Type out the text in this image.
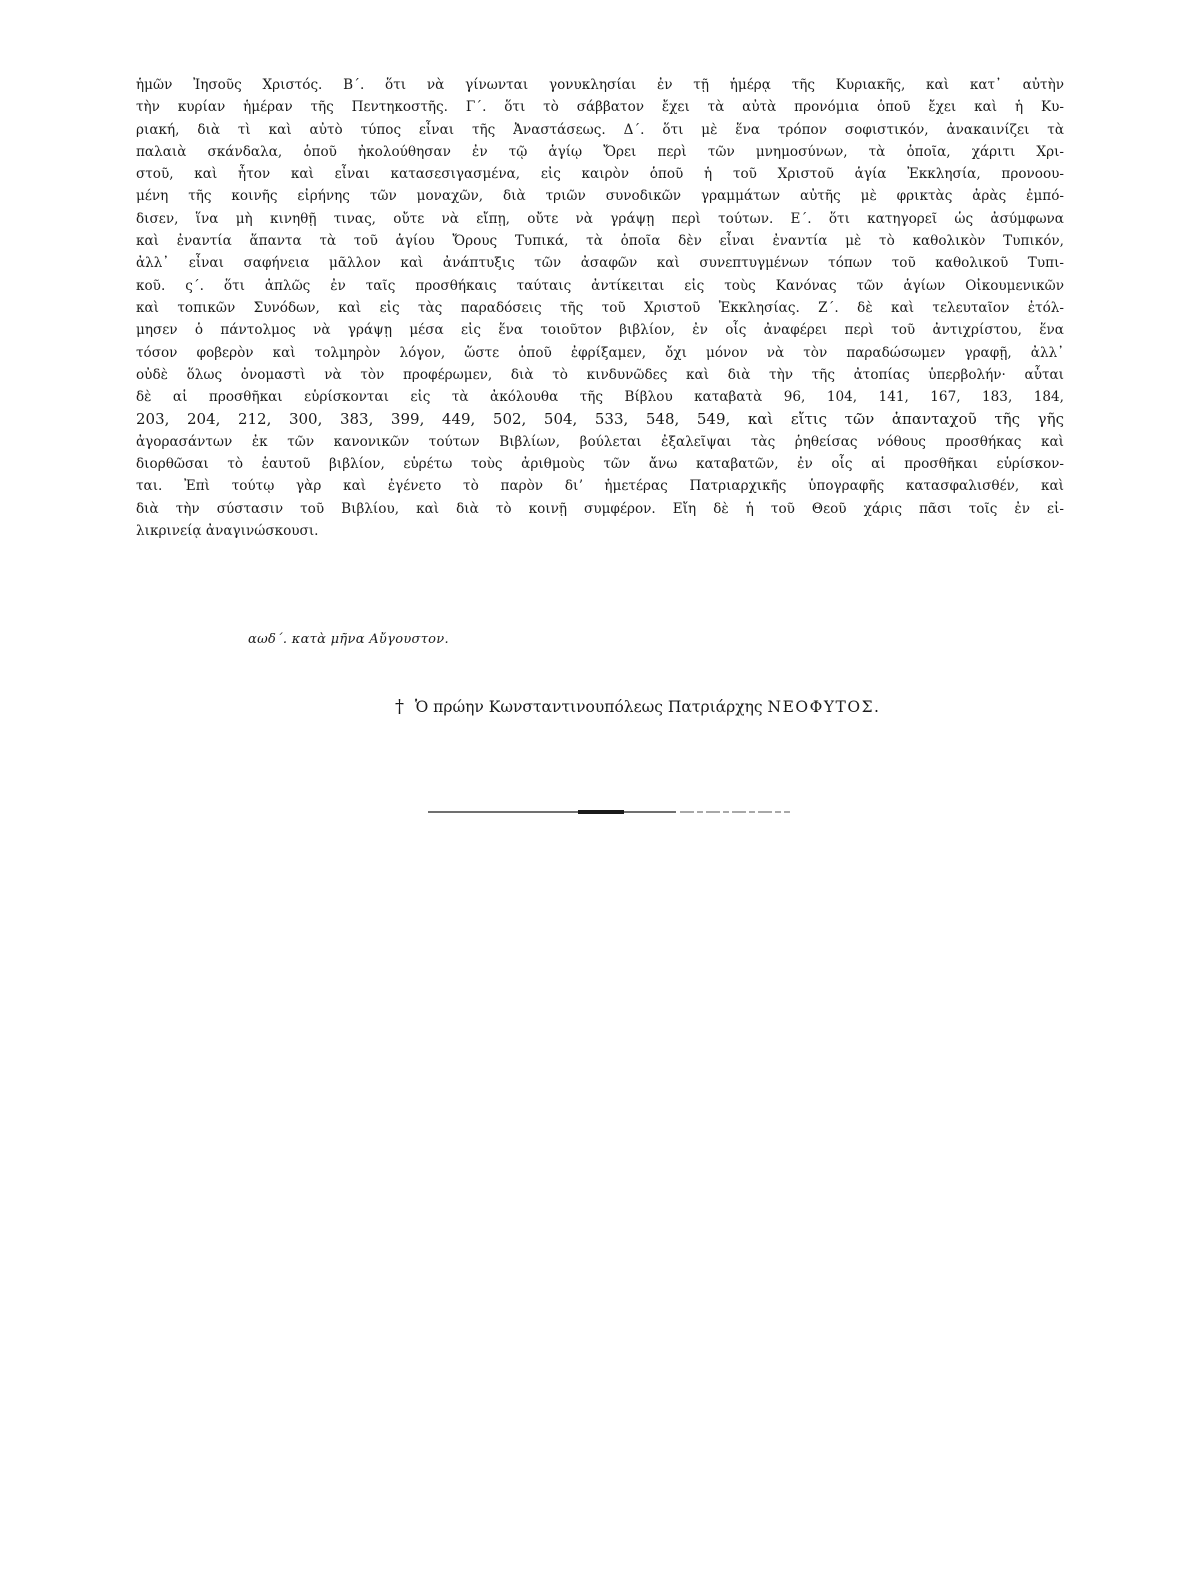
ἡμῶν Ἰησοῦς Χριστός. Β΄. ὅτι νὰ γίνωνται γονυκλησίαι ἐν τῇ ἡμέρᾳ τῆς Κυριακῆς, καὶ κατ᾽ αὐτὴν
τὴν κυρίαν ἡμέραν τῆς Πεντηκοστῆς. Γ΄. ὅτι τὸ σάββατον ἔχει τὰ αὐτὰ προνόμια ὁποῦ ἔχει καὶ ἡ Κυ-
ριακή, διὰ τὶ καὶ αὐτὸ τύπος εἶναι τῆς Ἀναστάσεως. Δ΄. ὅτι μὲ ἕνα τρόπον σοφιστικόν, ἀνακαινίζει τὰ
παλαιὰ σκάνδαλα, ὁποῦ ἠκολούθησαν ἐν τῷ ἁγίῳ Ὄρει περὶ τῶν μνημοσύνων, τὰ ὁποῖα, χάριτι Χρι-
στοῦ, καὶ ἦτον καὶ εἶναι κατασεσιγασμένα, εἰς καιρὸν ὁποῦ ἡ τοῦ Χριστοῦ ἁγία Ἐκκλησία, προνοου-
μένη τῆς κοινῆς εἰρήνης τῶν μοναχῶν, διὰ τριῶν συνοδικῶν γραμμάτων αὐτῆς μὲ φρικτὰς ἀρὰς ἐμπό-
δισεν, ἵνα μὴ κινηθῇ τινας, οὔτε νὰ εἴπῃ, οὔτε νὰ γράψῃ περὶ τούτων. Ε΄. ὅτι κατηγορεῖ ὡς ἀσύμφωνα
καὶ ἐναντία ἅπαντα τὰ τοῦ ἁγίου Ὄρους Τυπικά, τὰ ὁποῖα δὲν εἶναι ἐναντία μὲ τὸ καθολικὸν Τυπικόν,
ἀλλ᾽ εἶναι σαφήνεια μᾶλλον καὶ ἀνάπτυξις τῶν ἀσαφῶν καὶ συνεπτυγμένων τόπων τοῦ καθολικοῦ Τυπι-
κοῦ. ς΄. ὅτι ἁπλῶς ἐν ταῖς προσθήκαις ταύταις ἀντίκειται εἰς τοὺς Κανόνας τῶν ἁγίων Οἰκουμενικῶν
καὶ τοπικῶν Συνόδων, καὶ εἰς τὰς παραδόσεις τῆς τοῦ Χριστοῦ Ἐκκλησίας. Ζ΄. δὲ καὶ τελευταῖον ἐτόλ-
μησεν ὁ πάντολμος νὰ γράψῃ μέσα εἰς ἕνα τοιοῦτον βιβλίον, ἐν οἷς ἀναφέρει περὶ τοῦ ἀντιχρίστου, ἕνα
τόσον φοβερὸν καὶ τολμηρὸν λόγον, ὥστε ὁποῦ ἐφρίξαμεν, ὄχι μόνον νὰ τὸν παραδώσωμεν γραφῇ, ἀλλ᾽
οὐδὲ ὅλως ὀνομαστὶ νὰ τὸν προφέρωμεν, διὰ τὸ κινδυνῶδες καὶ διὰ τὴν τῆς ἀτοπίας ὑπερβολήν· αὗται
δὲ αἱ προσθῆκαι εὑρίσκονται εἰς τὰ ἀκόλουθα τῆς Βίβλου καταβατὰ 96, 104, 141, 167, 183, 184,
203, 204, 212, 300, 383, 399, 449, 502, 504, 533, 548, 549, καὶ εἴτις τῶν ἁπανταχοῦ τῆς γῆς
ἀγορασάντων ἐκ τῶν κανονικῶν τούτων Βιβλίων, βούλεται ἐξαλεῖψαι τὰς ῥηθείσας νόθους προσθήκας καὶ
διορθῶσαι τὸ ἑαυτοῦ βιβλίον, εὑρέτω τοὺς ἀριθμοὺς τῶν ἄνω καταβατῶν, ἐν οἷς αἱ προσθῆκαι εὑρίσκον-
ται. Ἐπὶ τούτῳ γὰρ καὶ ἐγένετο τὸ παρὸν διʼ ἡμετέρας Πατριαρχικῆς ὑπογραφῆς κατασφαλισθέν, καὶ
διὰ τὴν σύστασιν τοῦ Βιβλίου, καὶ διὰ τὸ κοινῇ συμφέρον. Εἴη δὲ ἡ τοῦ Θεοῦ χάρις πᾶσι τοῖς ἐν εἰ-
λικρινείᾳ ἀναγινώσκουσι.
αωδ΄. κατὰ μῆνα Αὔγουστον.
† Ὁ πρώην Κωνσταντινουπόλεως Πατριάρχης ΝΕΟΦΥΤΟΣ.
